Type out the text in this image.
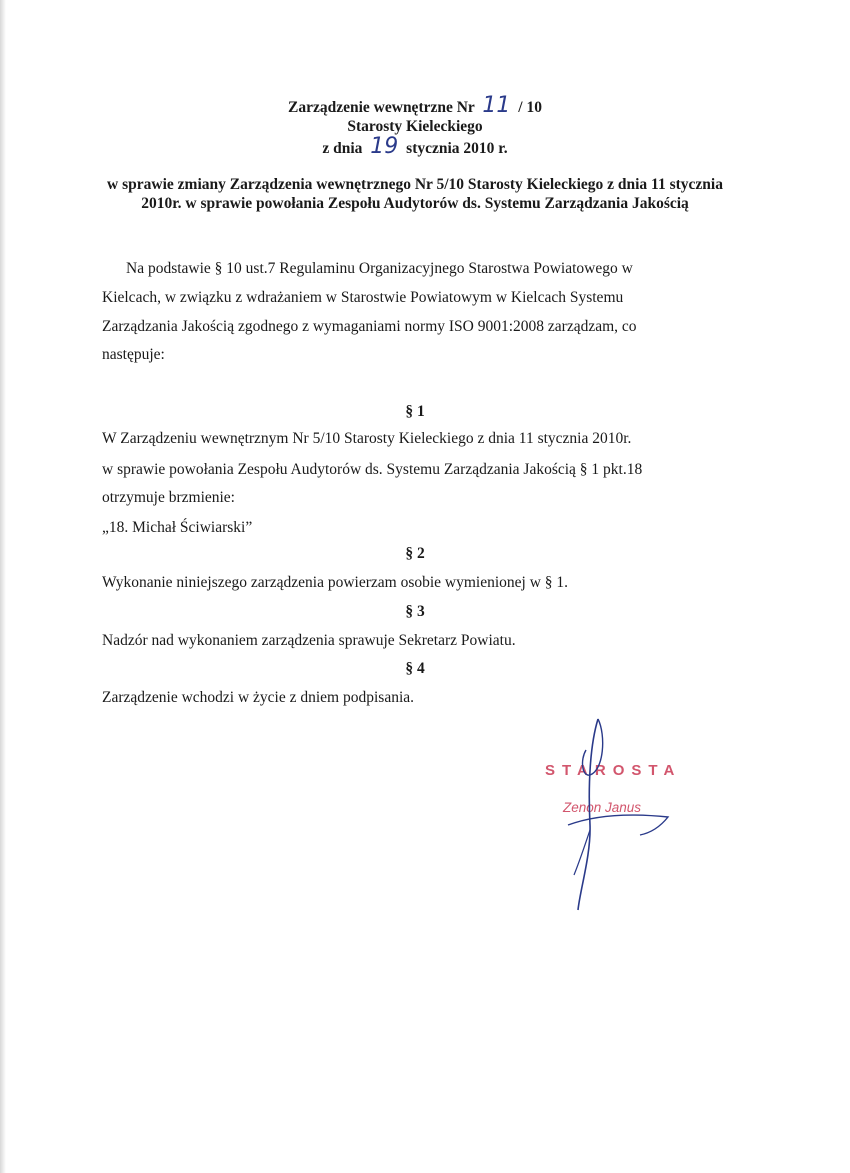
Zarządzenie wewnętrzne Nr 11 / 10
Starosty Kieleckiego
z dnia 19 stycznia 2010 r.
w sprawie zmiany Zarządzenia wewnętrznego Nr 5/10 Starosty Kieleckiego z dnia 11 stycznia 2010r. w sprawie powołania Zespołu Audytorów ds. Systemu Zarządzania Jakością
Na podstawie § 10 ust.7 Regulaminu Organizacyjnego Starostwa Powiatowego w Kielcach, w związku z wdrażaniem w Starostwie Powiatowym w Kielcach Systemu Zarządzania Jakością zgodnego z wymaganiami normy ISO 9001:2008 zarządzam, co następuje:
§ 1
W Zarządzeniu wewnętrznym Nr 5/10 Starosty Kieleckiego z dnia 11 stycznia 2010r.
w sprawie powołania Zespołu Audytorów ds. Systemu Zarządzania Jakością § 1 pkt.18
otrzymuje brzmienie:
„18. Michał Ściwiarski”
§ 2
Wykonanie niniejszego zarządzenia powierzam osobie wymienionej w § 1.
§ 3
Nadzór nad wykonaniem zarządzenia sprawuje Sekretarz Powiatu.
§ 4
Zarządzenie wchodzi w życie z dniem podpisania.
STAROSTA
Zenon Janus
